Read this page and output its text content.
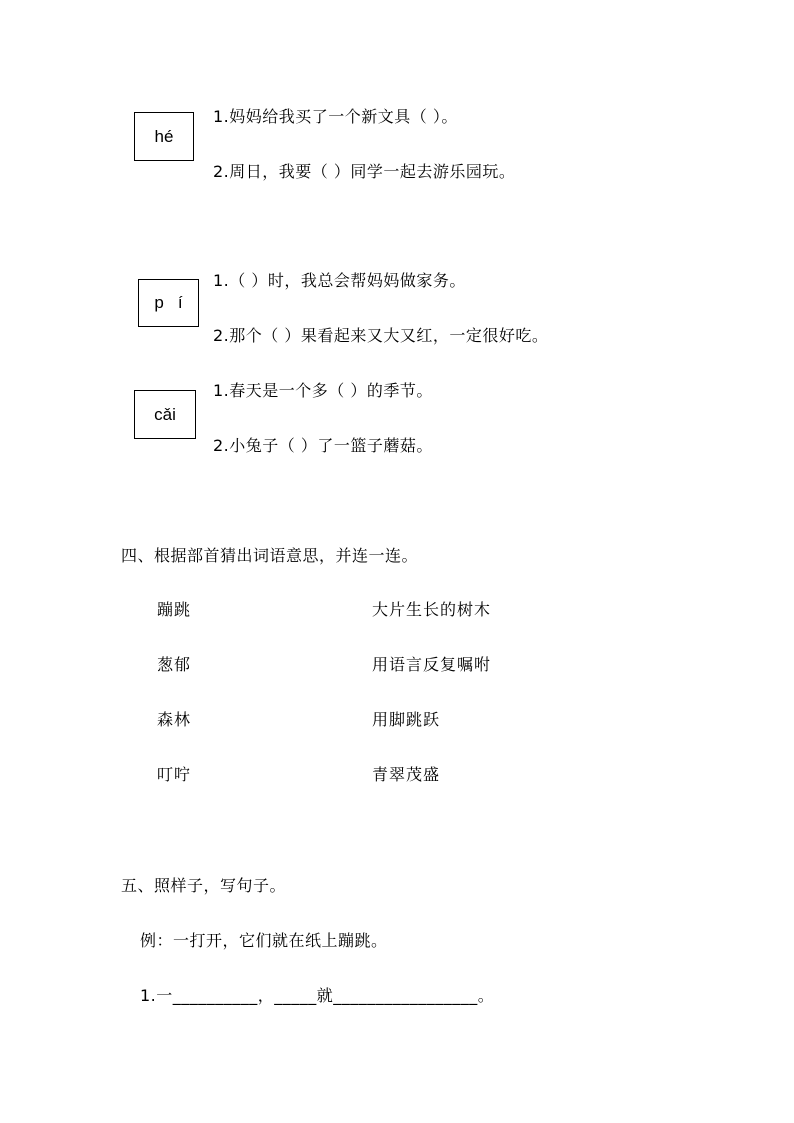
hé
1.妈妈给我买了一个新文具（ ）。
2.周日，我要（ ）同学一起去游乐园玩。
p   í
1.（ ）时，我总会帮妈妈做家务。
2.那个（ ）果看起来又大又红，一定很好吃。
cǎi
1.春天是一个多（ ）的季节。
2.小兔子（ ）了一篮子蘑菇。
四、根据部首猜出词语意思，并连一连。
蹦跳
葱郁
森林
叮咛
大片生长的树木
用语言反复嘱咐
用脚跳跃
青翠茂盛
五、照样子，写句子。
例：一打开，它们就在纸上蹦跳。
1.一__________，_____就_________________。
